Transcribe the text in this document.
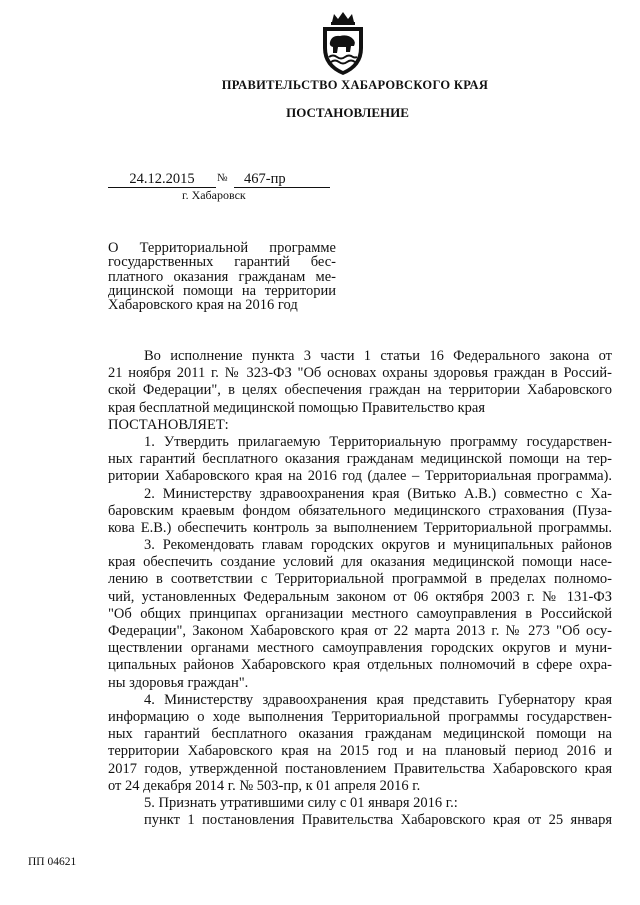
ПРАВИТЕЛЬСТВО ХАБАРОВСКОГО КРАЯ
ПОСТАНОВЛЕНИЕ
24.12.2015	№	467-пр
г. Хабаровск
О Территориальной программе
государственных гарантий бес-
платного оказания гражданам ме-
дицинской помощи на территории
Хабаровского края на 2016 год
Во исполнение пункта 3 части 1 статьи 16 Федерального закона от
21 ноября 2011 г. № 323-ФЗ "Об основах охраны здоровья граждан в Россий-
ской Федерации", в целях обеспечения граждан на территории Хабаровского
края бесплатной медицинской помощью Правительство края
ПОСТАНОВЛЯЕТ:
1. Утвердить прилагаемую Территориальную программу государствен-
ных гарантий бесплатного оказания гражданам медицинской помощи на тер-
ритории Хабаровского края на 2016 год (далее – Территориальная программа).
2. Министерству здравоохранения края (Витько А.В.) совместно с Ха-
баровским краевым фондом обязательного медицинского страхования (Пуза-
кова Е.В.) обеспечить контроль за выполнением Территориальной программы.
3. Рекомендовать главам городских округов и муниципальных районов
края обеспечить создание условий для оказания медицинской помощи насе-
лению в соответствии с Территориальной программой в пределах полномо-
чий, установленных Федеральным законом от 06 октября 2003 г. № 131-ФЗ
"Об общих принципах организации местного самоуправления в Российской
Федерации", Законом Хабаровского края от 22 марта 2013 г. № 273 "Об осу-
ществлении органами местного самоуправления городских округов и муни-
ципальных районов Хабаровского края отдельных полномочий в сфере охра-
ны здоровья граждан".
4. Министерству здравоохранения края представить Губернатору края
информацию о ходе выполнения Территориальной программы государствен-
ных гарантий бесплатного оказания гражданам медицинской помощи на
территории Хабаровского края на 2015 год и на плановый период 2016 и
2017 годов, утвержденной постановлением Правительства Хабаровского края
от 24 декабря 2014 г. № 503-пр, к 01 апреля 2016 г.
5. Признать утратившими силу с 01 января 2016 г.:
пункт 1 постановления Правительства Хабаровского края от 25 января
ПП 04621
